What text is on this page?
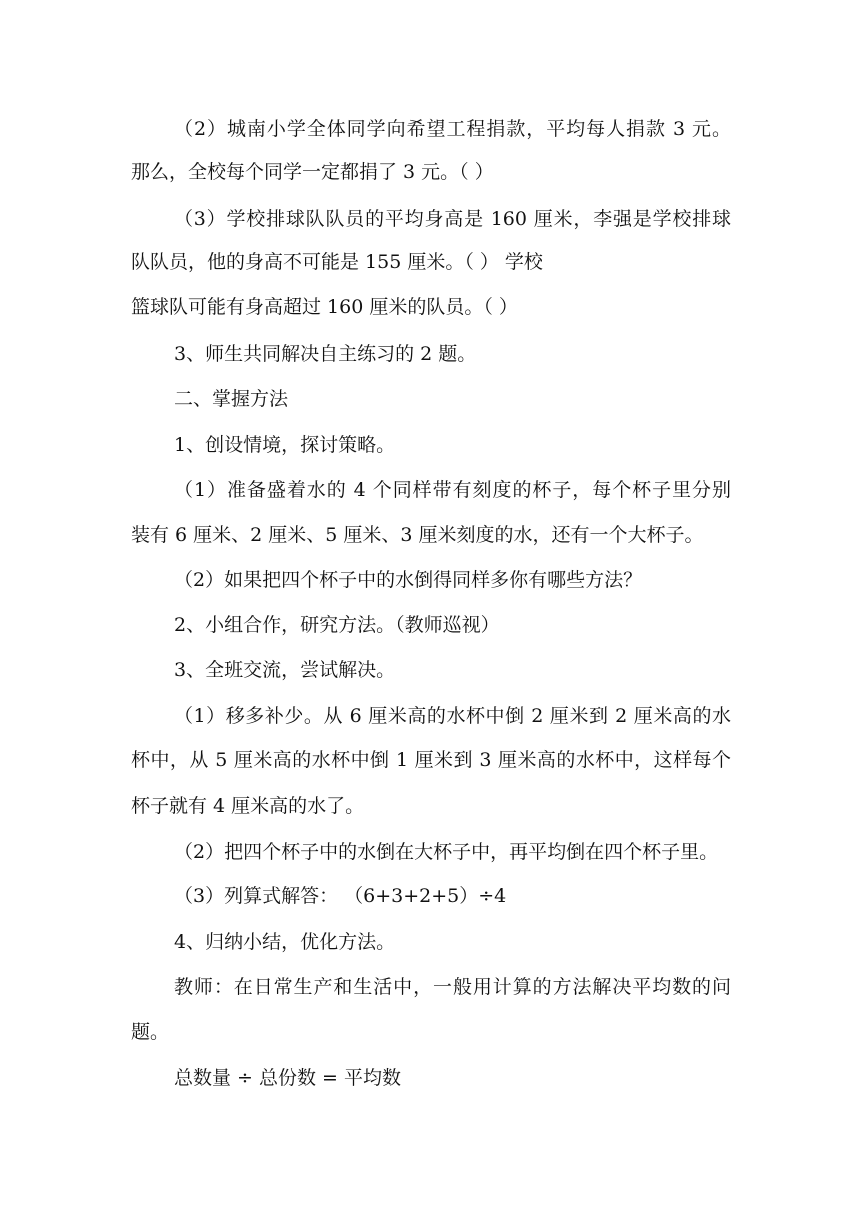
（2）城南小学全体同学向希望工程捐款，平均每人捐款 3 元。
那么，全校每个同学一定都捐了 3 元。（ ）
（3）学校排球队队员的平均身高是 160 厘米，李强是学校排球
队队员，他的身高不可能是 155 厘米。（ ） 学校
篮球队可能有身高超过 160 厘米的队员。（ ）
3、师生共同解决自主练习的 2 题。
二、掌握方法
1、创设情境，探讨策略。
（1）准备盛着水的 4 个同样带有刻度的杯子，每个杯子里分别
装有 6 厘米、2 厘米、5 厘米、3 厘米刻度的水，还有一个大杯子。
（2）如果把四个杯子中的水倒得同样多你有哪些方法？
2、小组合作，研究方法。（教师巡视）
3、全班交流，尝试解决。
（1）移多补少。从 6 厘米高的水杯中倒 2 厘米到 2 厘米高的水
杯中，从 5 厘米高的水杯中倒 1 厘米到 3 厘米高的水杯中，这样每个
杯子就有 4 厘米高的水了。
（2）把四个杯子中的水倒在大杯子中，再平均倒在四个杯子里。
（3）列算式解答： （6+3+2+5）÷4
4、归纳小结，优化方法。
教师：在日常生产和生活中，一般用计算的方法解决平均数的问
题。
总数量 ÷ 总份数 = 平均数
